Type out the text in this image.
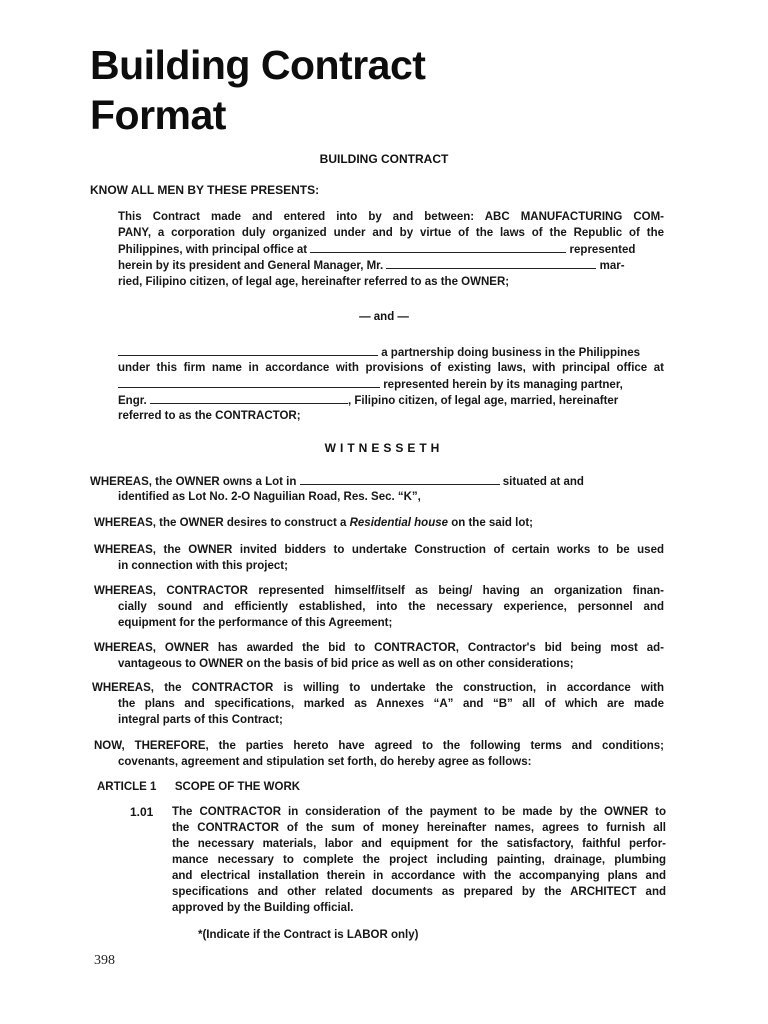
Building Contract
Format
BUILDING CONTRACT
KNOW ALL MEN BY THESE PRESENTS:
This Contract made and entered into by and between: ABC MANUFACTURING COM-
PANY, a corporation duly organized under and by virtue of the laws of the Republic of the
Philippines, with principal office at	represented
herein by its president and General Manager, Mr.	mar-
ried, Filipino citizen, of legal age, hereinafter referred to as the OWNER;
— and —
a partnership doing business in the Philippines
under this firm name in accordance with provisions of existing laws, with principal office at
represented herein by its managing partner,
Engr.	, Filipino citizen, of legal age, married, hereinafter
referred to as the CONTRACTOR;
WITNESSETH
WHEREAS, the OWNER owns a Lot in	situated at and
identified as Lot No. 2-O Naguilian Road, Res. Sec. “K”,
WHEREAS, the OWNER desires to construct a Residential house on the said lot;
WHEREAS, the OWNER invited bidders to undertake Construction of certain works to be used
in connection with this project;
WHEREAS, CONTRACTOR represented himself/itself as being/ having an organization finan-
cially sound and efficiently established, into the necessary experience, personnel and
equipment for the performance of this Agreement;
WHEREAS, OWNER has awarded the bid to CONTRACTOR, Contractor's bid being most ad-
vantageous to OWNER on the basis of bid price as well as on other considerations;
WHEREAS, the CONTRACTOR is willing to undertake the construction, in accordance with
the plans and specifications, marked as Annexes “A” and “B” all of which are made
integral parts of this Contract;
NOW, THEREFORE, the parties hereto have agreed to the following terms and conditions;
covenants, agreement and stipulation set forth, do hereby agree as follows:
ARTICLE 1 SCOPE OF THE WORK
1.01 The CONTRACTOR in consideration of the payment to be made by the OWNER to
the CONTRACTOR of the sum of money hereinafter names, agrees to furnish all
the necessary materials, labor and equipment for the satisfactory, faithful perfor-
mance necessary to complete the project including painting, drainage, plumbing
and electrical installation therein in accordance with the accompanying plans and
specifications and other related documents as prepared by the ARCHITECT and
approved by the Building official.
*(Indicate if the Contract is LABOR only)
398
